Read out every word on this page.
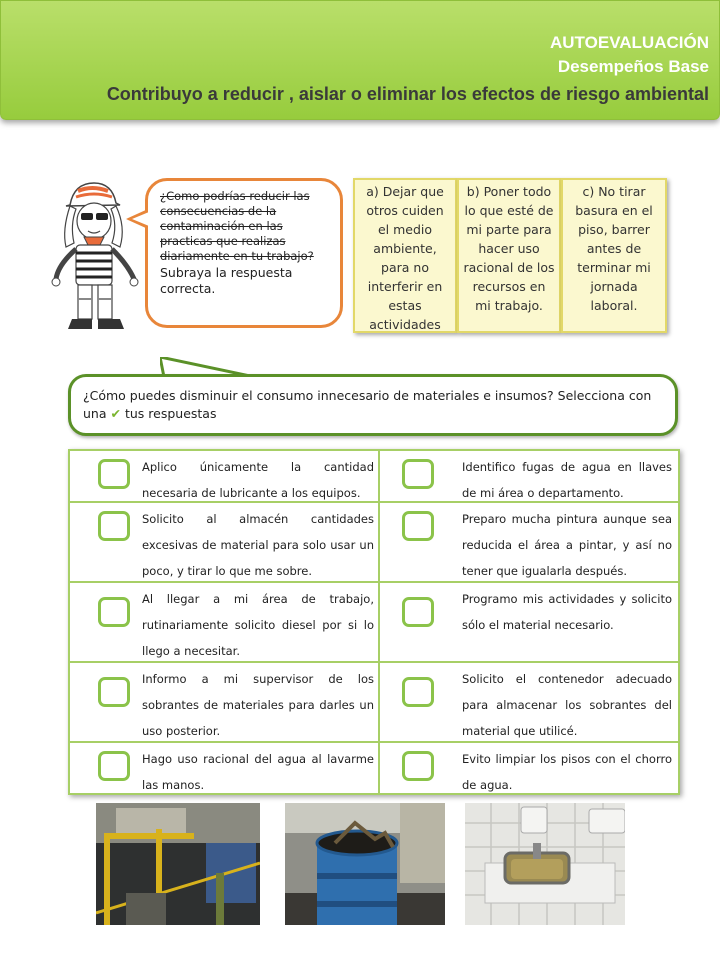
AUTOEVALUACIÓN
Desempeños Base
Contribuyo a reducir , aislar o eliminar los efectos de riesgo ambiental
¿Como podrías reducir las consecuencias de la contaminación en las practicas que realizas diariamente en tu trabajo?
Subraya la respuesta correcta.
a) Dejar que otros cuiden el medio ambiente, para no interferir en estas actividades
b) Poner todo lo que esté de mi parte para hacer uso racional de los recursos en mi trabajo.
c) No tirar basura en el piso, barrer antes de terminar mi jornada laboral.
¿Cómo puedes disminuir el consumo innecesario de materiales e insumos? Selecciona con una ✔ tus respuestas
Aplico únicamente la cantidad necesaria de lubricante a los equipos.
Identifico fugas de agua en llaves de mi área o departamento.
Solicito al almacén cantidades excesivas de material para solo usar un poco, y tirar lo que me sobre.
Preparo mucha pintura aunque sea reducida el área a pintar, y así no tener que igualarla después.
Al llegar a mi área de trabajo, rutinariamente solicito diesel por si lo llego a necesitar.
Programo mis actividades y solicito sólo el material necesario.
Informo a mi supervisor de los sobrantes de materiales para darles un uso posterior.
Solicito el contenedor adecuado para almacenar los sobrantes del material que utilicé.
Hago uso racional del agua al lavarme las manos.
Evito limpiar los pisos con el chorro de agua.
